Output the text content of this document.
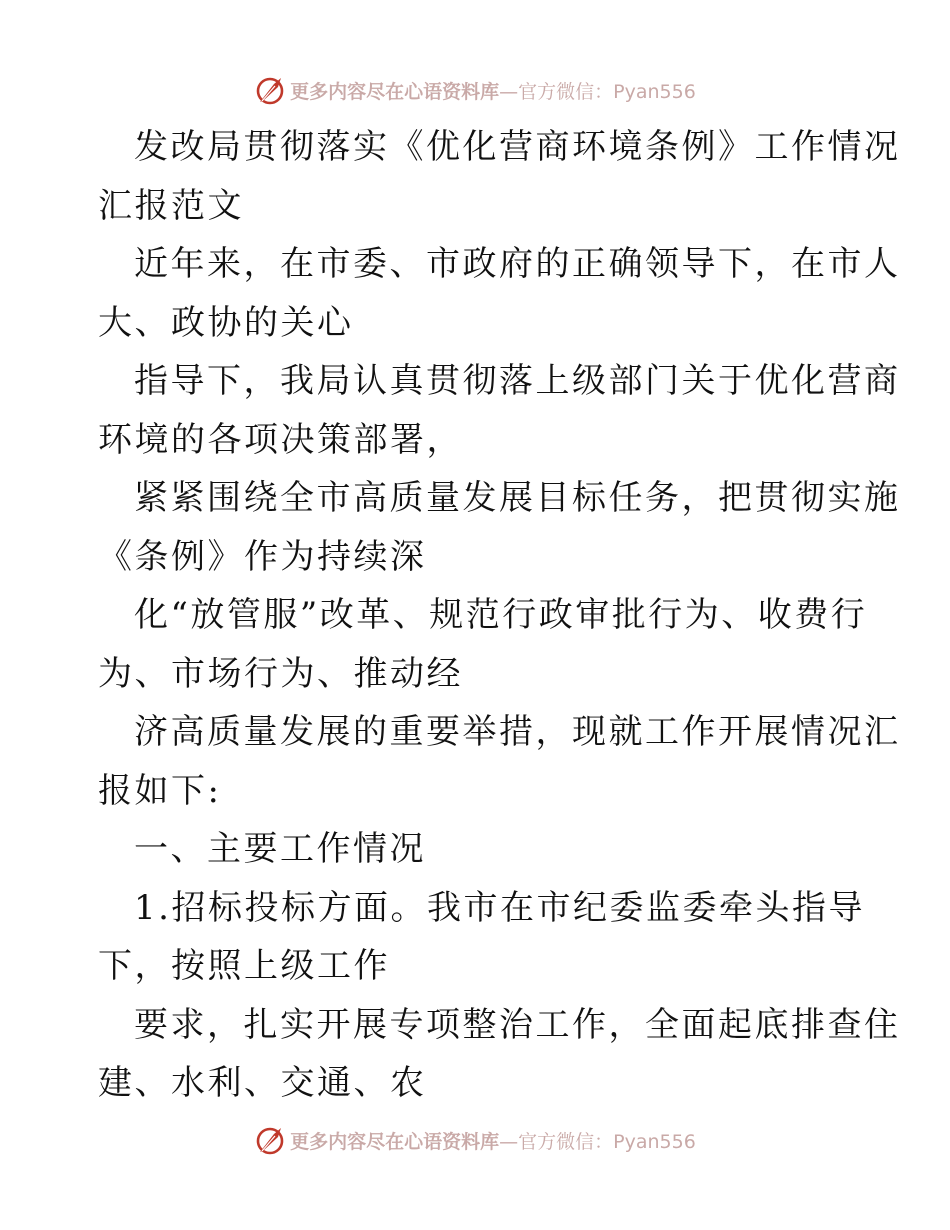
更多内容尽在心语资料库—官方微信：Pyan556
发改局贯彻落实《优化营商环境条例》工作情况
汇报范文
近年来，在市委、市政府的正确领导下，在市人
大、政协的关心
指导下，我局认真贯彻落上级部门关于优化营商
环境的各项决策部署，
紧紧围绕全市高质量发展目标任务，把贯彻实施
《条例》作为持续深
化“放管服”改革、规范行政审批行为、收费行
为、市场行为、推动经
济高质量发展的重要举措，现就工作开展情况汇
报如下:
一、主要工作情况
1.招标投标方面。我市在市纪委监委牵头指导
下，按照上级工作
要求，扎实开展专项整治工作，全面起底排查住
建、水利、交通、农
更多内容尽在心语资料库—官方微信：Pyan556
